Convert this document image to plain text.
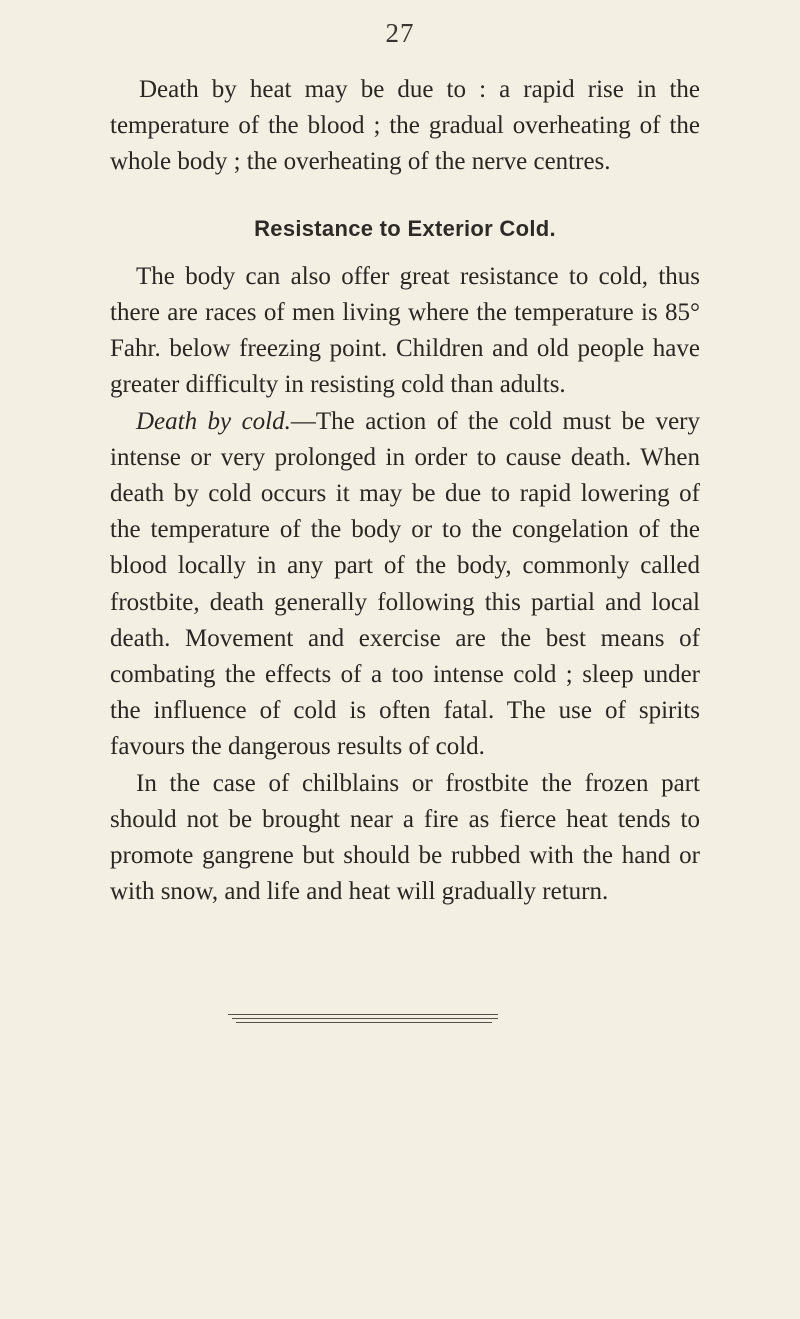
27

Death by heat may be due to : a rapid rise in the temperature of the blood ; the gradual overheating of the whole body ; the overheating of the nerve centres.

Resistance to Exterior Cold.

The body can also offer great resistance to cold, thus there are races of men living where the temperature is 85° Fahr. below freezing point. Children and old people have greater difficulty in resisting cold than adults.

Death by cold.—The action of the cold must be very intense or very prolonged in order to cause death. When death by cold occurs it may be due to rapid lowering of the temperature of the body or to the congelation of the blood locally in any part of the body, commonly called frostbite, death generally following this partial and local death. Movement and exercise are the best means of combating the effects of a too intense cold ; sleep under the influence of cold is often fatal. The use of spirits favours the dangerous results of cold.

In the case of chilblains or frostbite the frozen part should not be brought near a fire as fierce heat tends to promote gangrene but should be rubbed with the hand or with snow, and life and heat will gradually return.
